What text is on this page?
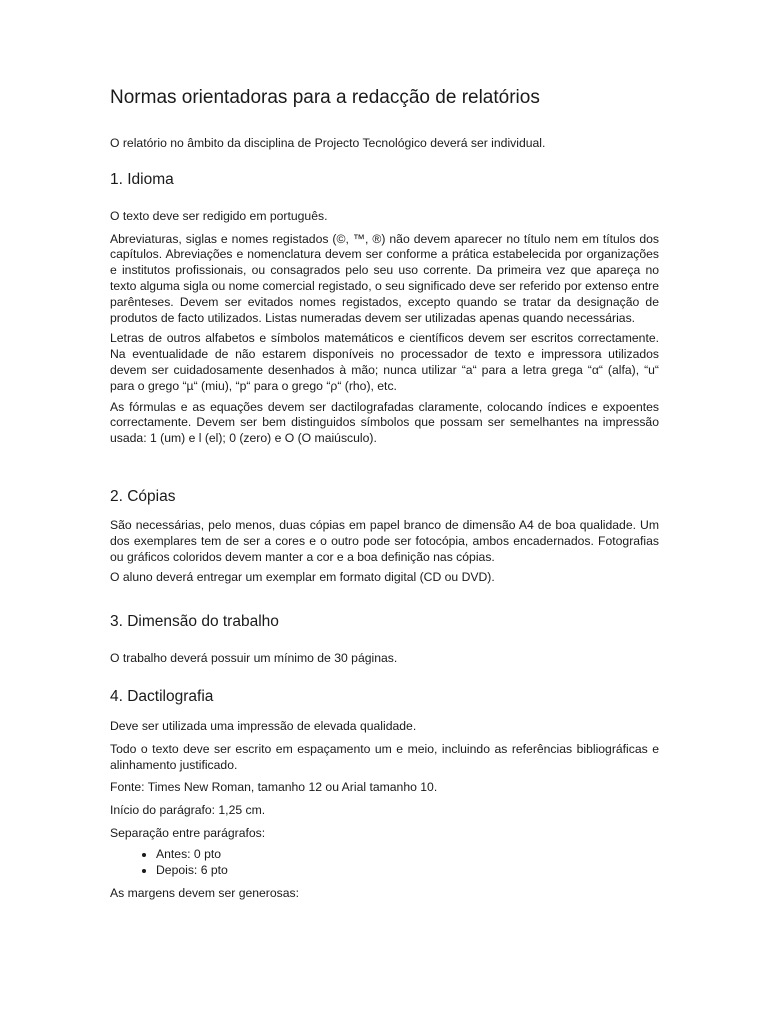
Normas orientadoras para a redacção de relatórios

O relatório no âmbito da disciplina de Projecto Tecnológico deverá ser individual.

1. Idioma

O texto deve ser redigido em português.

Abreviaturas, siglas e nomes registados (©, ™, ®) não devem aparecer no título nem em títulos dos capítulos. Abreviações e nomenclatura devem ser conforme a prática estabelecida por organizações e institutos profissionais, ou consagrados pelo seu uso corrente. Da primeira vez que apareça no texto alguma sigla ou nome comercial registado, o seu significado deve ser referido por extenso entre parênteses. Devem ser evitados nomes registados, excepto quando se tratar da designação de produtos de facto utilizados. Listas numeradas devem ser utilizadas apenas quando necessárias.

Letras de outros alfabetos e símbolos matemáticos e científicos devem ser escritos correctamente. Na eventualidade de não estarem disponíveis no processador de texto e impressora utilizados devem ser cuidadosamente desenhados à mão; nunca utilizar “a“ para a letra grega “α“ (alfa), “u“ para o grego “µ“ (miu), “p“ para o grego “ρ“ (rho), etc.

As fórmulas e as equações devem ser dactilografadas claramente, colocando índices e expoentes correctamente. Devem ser bem distinguidos símbolos que possam ser semelhantes na impressão usada: 1 (um) e l (el); 0 (zero) e O (O maiúsculo).

2. Cópias

São necessárias, pelo menos, duas cópias em papel branco de dimensão A4 de boa qualidade. Um dos exemplares tem de ser a cores e o outro pode ser fotocópia, ambos encadernados. Fotografias ou gráficos coloridos devem manter a cor e a boa definição nas cópias.

O aluno deverá entregar um exemplar em formato digital (CD ou DVD).

3. Dimensão do trabalho

O trabalho deverá possuir um mínimo de 30 páginas.

4. Dactilografia

Deve ser utilizada uma impressão de elevada qualidade.

Todo o texto deve ser escrito em espaçamento um e meio, incluindo as referências bibliográficas e alinhamento justificado.

Fonte: Times New Roman, tamanho 12 ou Arial tamanho 10.

Início do parágrafo: 1,25 cm.

Separação entre parágrafos:

• Antes: 0 pto
• Depois: 6 pto

As margens devem ser generosas:
